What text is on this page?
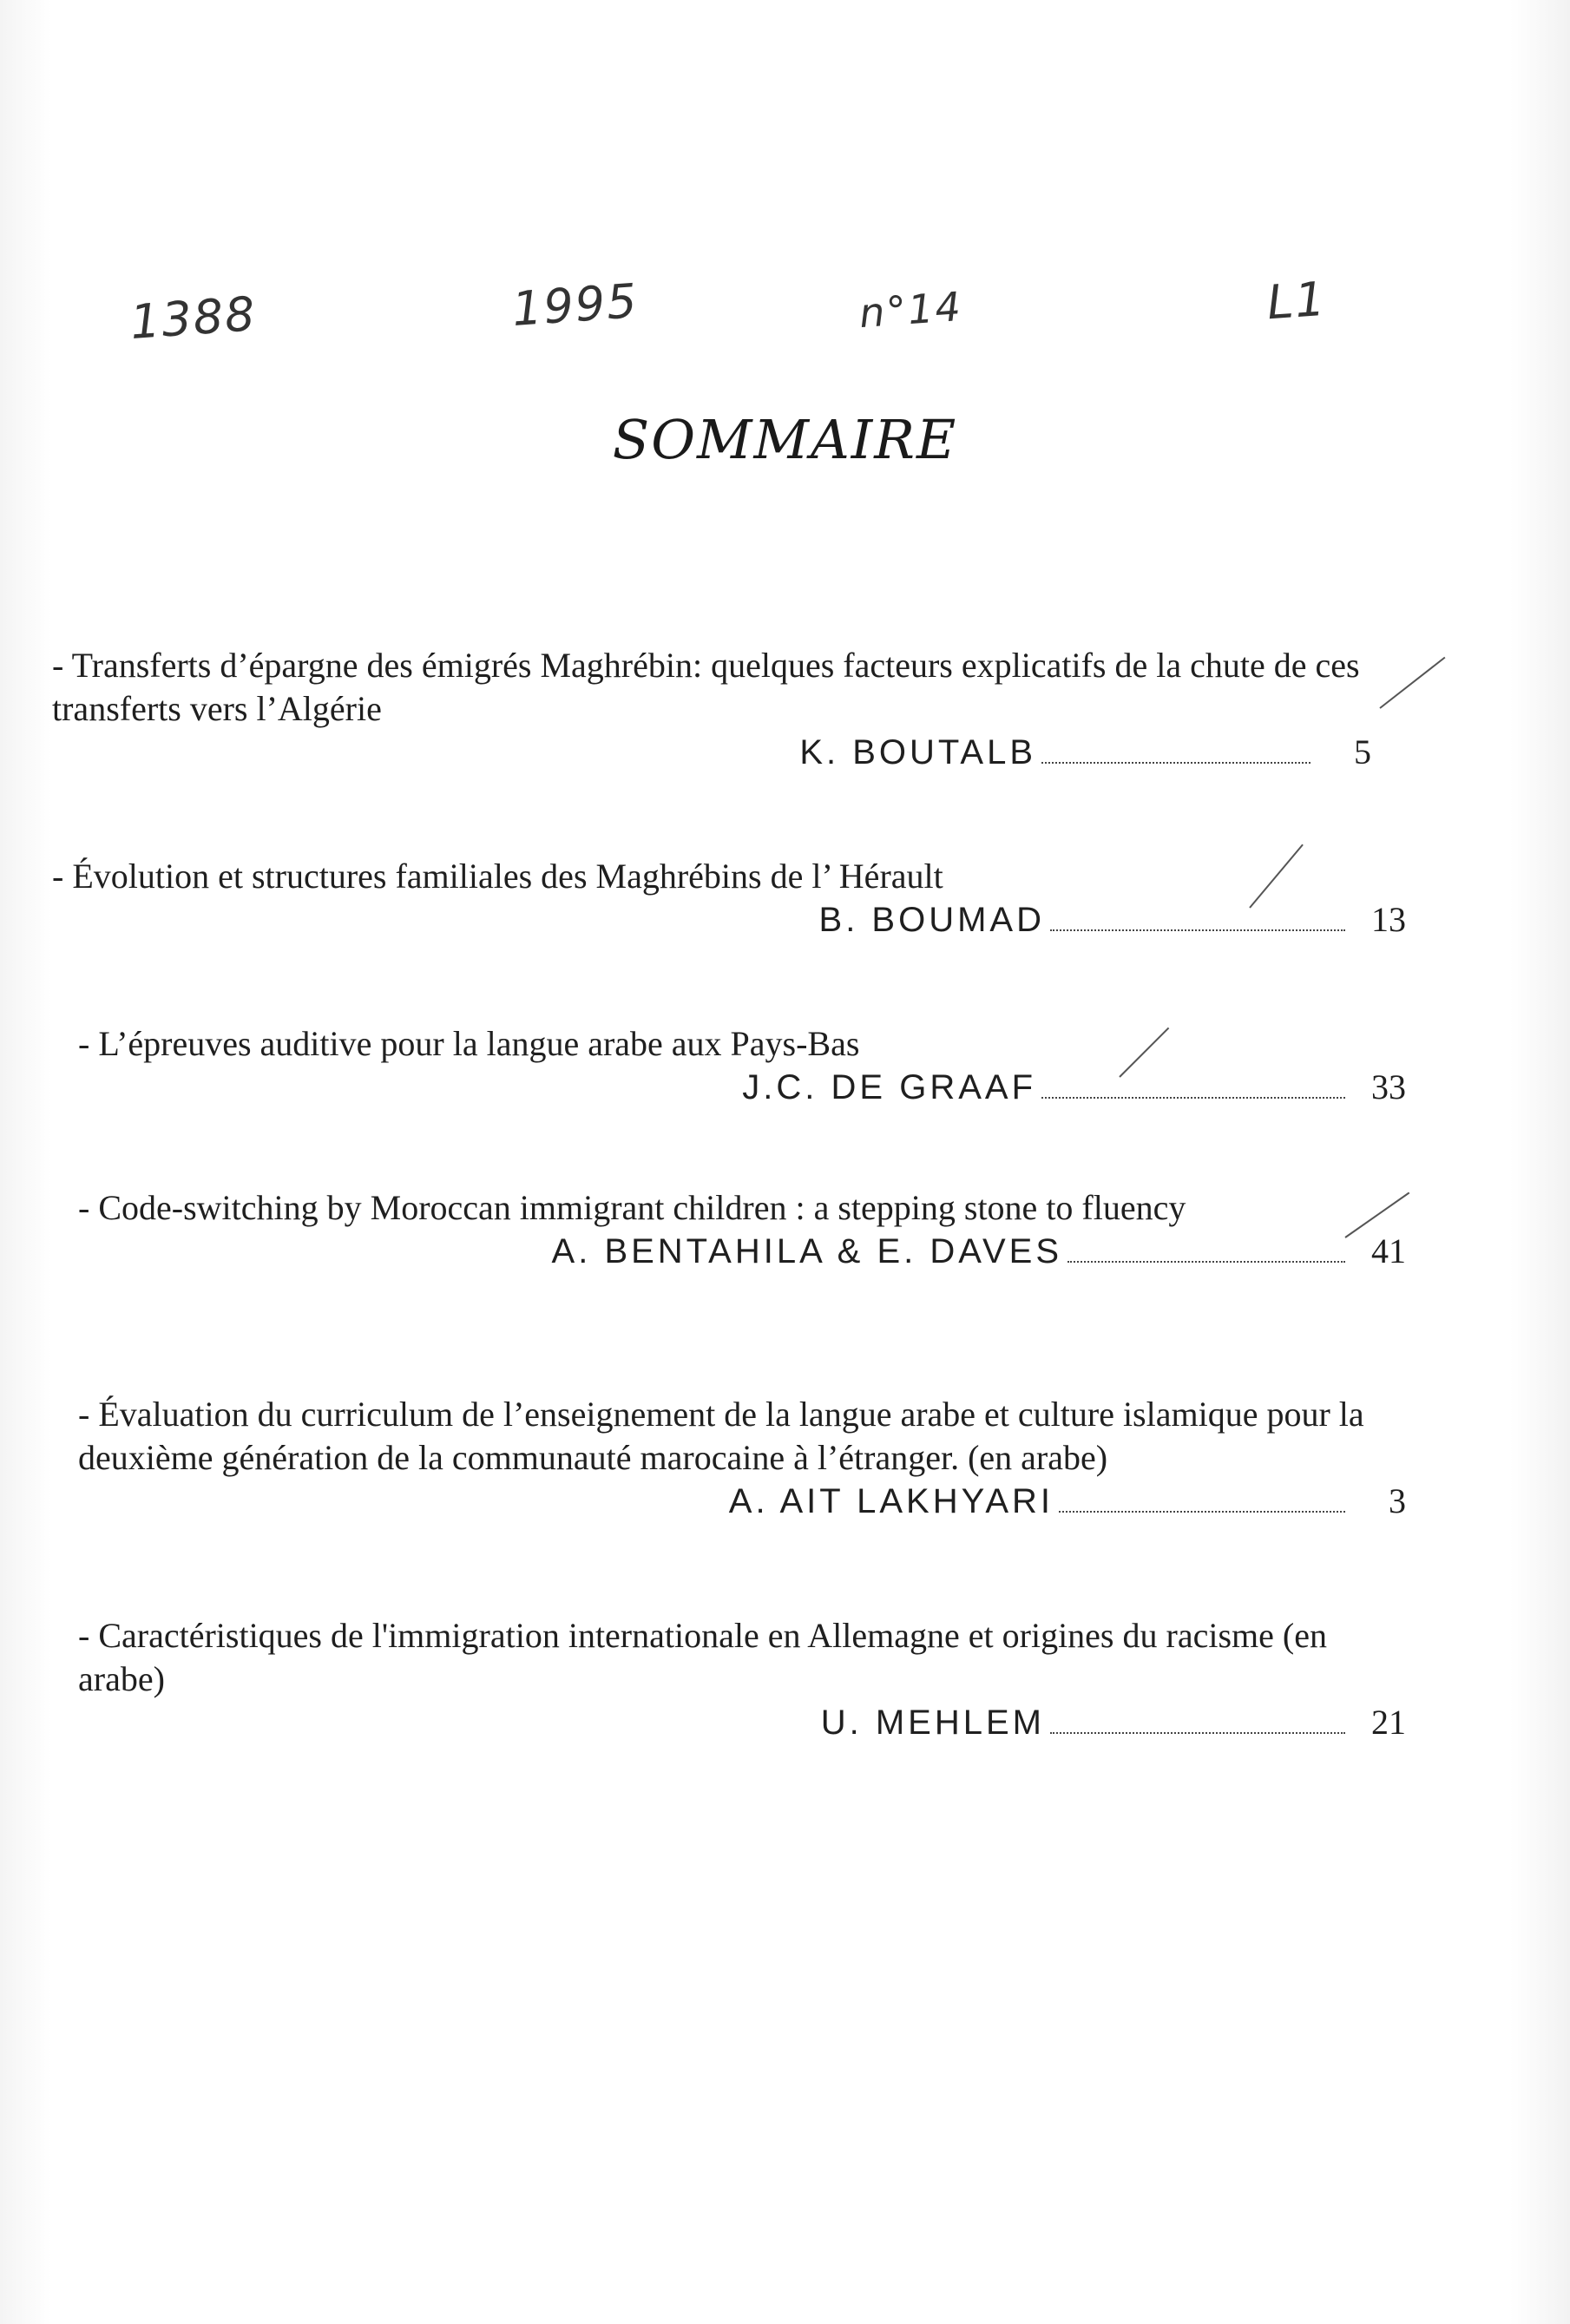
1388	1995	n°14	L1
SOMMAIRE
- Transferts d’épargne des émigrés Maghrébin: quelques facteurs explicatifs de la chute de ces transferts vers l’Algérie
K. BOUTALB	5
- Évolution et structures familiales des Maghrébins de l’ Hérault
B. BOUMAD	13
- L’épreuves auditive pour la langue arabe aux Pays-Bas
J.C. DE GRAAF	33
- Code-switching by Moroccan immigrant children : a stepping stone to fluency
A. BENTAHILA & E. DAVES	41
- Évaluation du curriculum de l’enseignement de la langue arabe et culture islamique pour la deuxième génération de la communauté marocaine à l’étranger. (en arabe)
A. AIT LAKHYARI	3
- Caractéristiques de l'immigration internationale en Allemagne et origines du racisme (en arabe)
U. MEHLEM	21
